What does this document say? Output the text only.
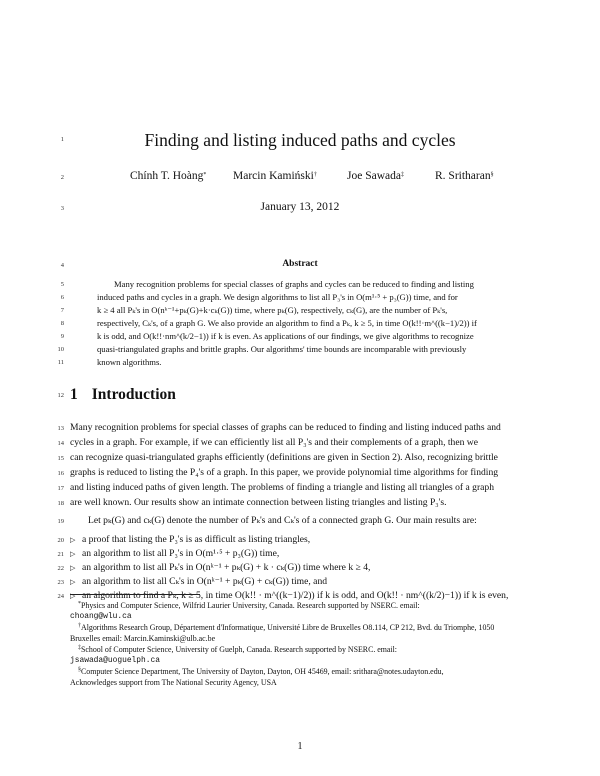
1
2
3
4
5
6
7
8
9
10
11
12
13
14
15
16
17
18
19
20
21
22
23
24
Finding and listing induced paths and cycles
Chính T. Hoàng* Marcin Kamiński†	Joe Sawada‡	R. Sritharan§
January 13, 2012
Abstract
Many recognition problems for special classes of graphs and cycles can be reduced to finding and listing
induced paths and cycles in a graph. We design algorithms to list all P₃'s in O(m¹·⁵ + p₃(G)) time, and for
k ≥ 4 all Pₖ's in O(nᵏ⁻¹+pₖ(G)+k·cₖ(G)) time, where pₖ(G), respectively, cₖ(G), are the number of Pₖ's,
respectively, Cₖ's, of a graph G. We also provide an algorithm to find a Pₖ, k ≥ 5, in time O(k!!·m^((k−1)/2)) if
k is odd, and O(k!!·nm^(k/2−1)) if k is even. As applications of our findings, we give algorithms to recognize
quasi-triangulated graphs and brittle graphs. Our algorithms' time bounds are incomparable with previously
known algorithms.
1 Introduction
Many recognition problems for special classes of graphs can be reduced to finding and listing induced paths and
cycles in a graph. For example, if we can efficiently list all P₃'s and their complements of a graph, then we
can recognize quasi-triangulated graphs efficiently (definitions are given in Section 2). Also, recognizing brittle
graphs is reduced to listing the P₄'s of a graph. In this paper, we provide polynomial time algorithms for finding
and listing induced paths of given length. The problems of finding a triangle and listing all triangles of a graph
are well known. Our results show an intimate connection between listing triangles and listing P₃'s.
Let pₖ(G) and cₖ(G) denote the number of Pₖ's and Cₖ's of a connected graph G. Our main results are:
▷ a proof that listing the P₃'s is as difficult as listing triangles,
▷ an algorithm to list all P₃'s in O(m¹·⁵ + p₃(G)) time,
▷ an algorithm to list all Pₖ's in O(nᵏ⁻¹ + pₖ(G) + k · cₖ(G)) time where k ≥ 4,
▷ an algorithm to list all Cₖ's in O(nᵏ⁻¹ + pₖ(G) + cₖ(G)) time, and
▷ an algorithm to find a Pₖ, k ≥ 5, in time O(k!! · m^((k−1)/2)) if k is odd, and O(k!! · nm^((k/2)−1)) if k is even,
*Physics and Computer Science, Wilfrid Laurier University, Canada. Research supported by NSERC. email:
choang@wlu.ca
†Algorithms Research Group, Département d'Informatique, Université Libre de Bruxelles O8.114, CP 212, Bvd. du Triomphe, 1050
Bruxelles email: Marcin.Kaminski@ulb.ac.be
‡School of Computer Science, University of Guelph, Canada. Research supported by NSERC. email:
jsawada@uoguelph.ca
§Computer Science Department, The University of Dayton, Dayton, OH 45469, email: srithara@notes.udayton.edu,
Acknowledges support from The National Security Agency, USA
1
